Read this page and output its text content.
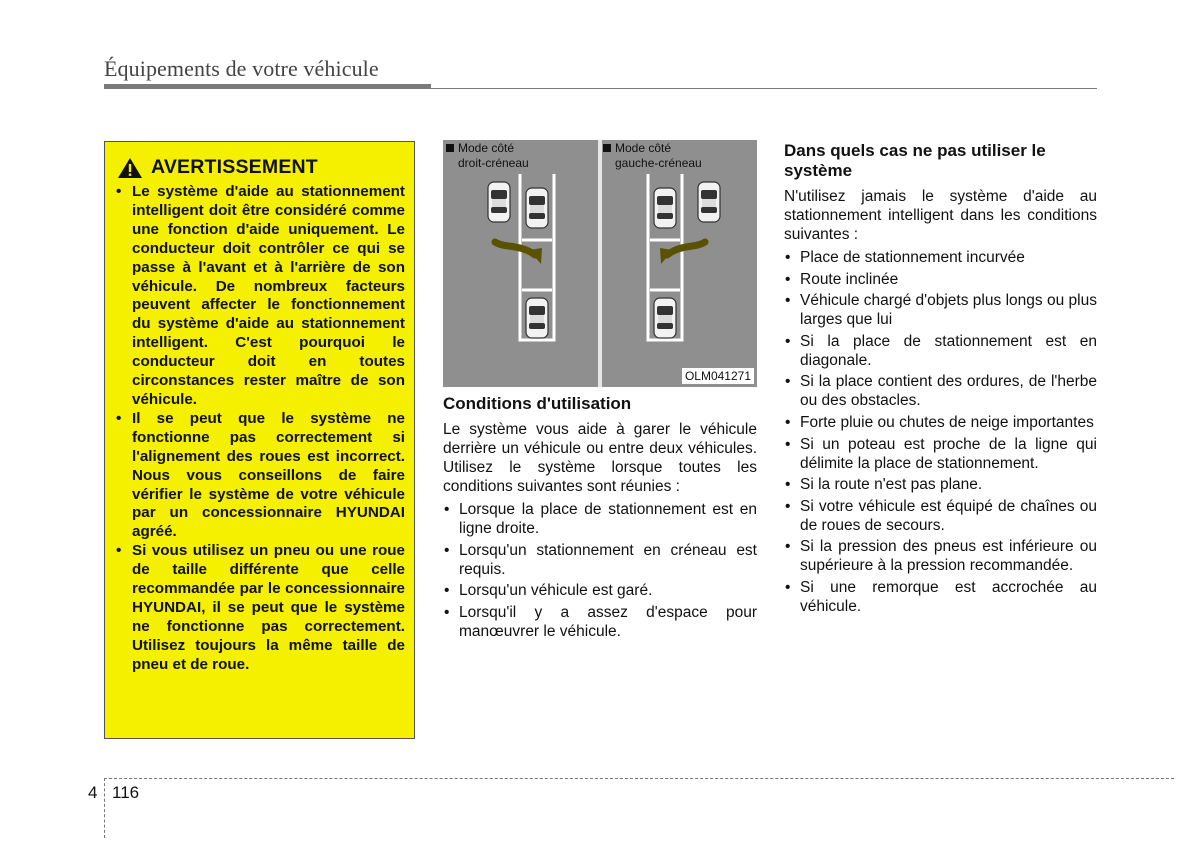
Équipements de votre véhicule
AVERTISSEMENT
• Le système d'aide au stationnement intelligent doit être considéré comme une fonction d'aide uniquement. Le conducteur doit contrôler ce qui se passe à l'avant et à l'arrière de son véhicule. De nombreux facteurs peuvent affecter le fonctionnement du système d'aide au stationnement intelligent. C'est pourquoi le conducteur doit en toutes circonstances rester maître de son véhicule.
• Il se peut que le système ne fonctionne pas correctement si l'alignement des roues est incorrect. Nous vous conseillons de faire vérifier le système de votre véhicule par un concessionnaire HYUNDAI agréé.
• Si vous utilisez un pneu ou une roue de taille différente que celle recommandée par le concessionnaire HYUNDAI, il se peut que le système ne fonctionne pas correctement. Utilisez toujours la même taille de pneu et de roue.
Mode côté
droit-créneau
Mode côté
gauche-créneau
OLM041271
Conditions d'utilisation

Le système vous aide à garer le véhicule derrière un véhicule ou entre deux véhicules. Utilisez le système lorsque toutes les conditions suivantes sont réunies :

• Lorsque la place de stationnement est en ligne droite.
• Lorsqu'un stationnement en créneau est requis.
• Lorsqu'un véhicule est garé.
• Lorsqu'il y a assez d'espace pour manœuvrer le véhicule.
Dans quels cas ne pas utiliser le système

N'utilisez jamais le système d'aide au stationnement intelligent dans les conditions suivantes :

• Place de stationnement incurvée
• Route inclinée
• Véhicule chargé d'objets plus longs ou plus larges que lui
• Si la place de stationnement est en diagonale.
• Si la place contient des ordures, de l'herbe ou des obstacles.
• Forte pluie ou chutes de neige importantes
• Si un poteau est proche de la ligne qui délimite la place de stationnement.
• Si la route n'est pas plane.
• Si votre véhicule est équipé de chaînes ou de roues de secours.
• Si la pression des pneus est inférieure ou supérieure à la pression recommandée.
• Si une remorque est accrochée au véhicule.
4 116
